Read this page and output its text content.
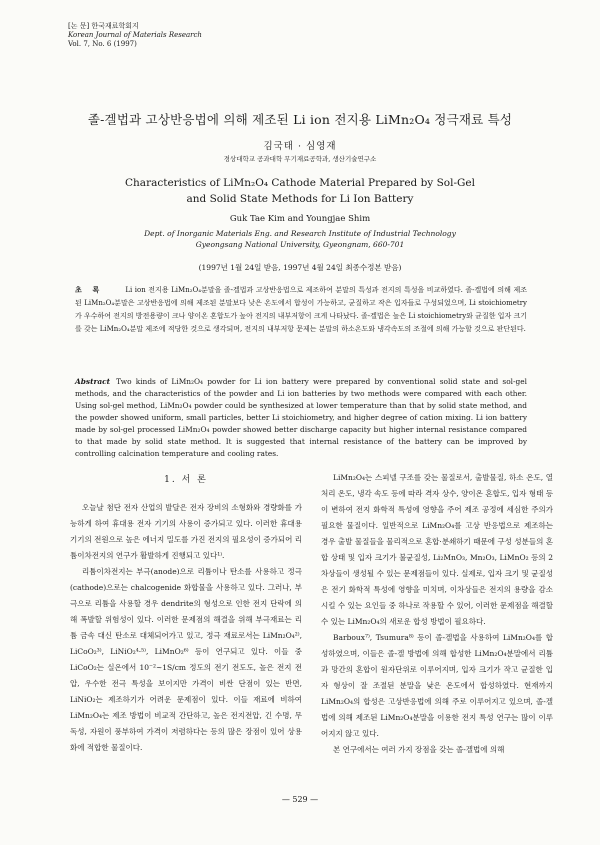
[논 문] 한국재료학회지
Korean Journal of Materials Research
Vol. 7, No. 6 (1997)
졸-겔법과 고상반응법에 의해 제조된 Li ion 전지용 LiMn₂O₄ 정극재료 특성
김국태 · 심영재
경상대학교 공과대학 무기재료공학과, 생산기술연구소
Characteristics of LiMn₂O₄ Cathode Material Prepared by Sol-Gel
and Solid State Methods for Li Ion Battery
Guk Tae Kim and Youngjae Shim
Dept. of Inorganic Materials Eng. and Research Institute of Industrial Technology
Gyeongsang National University, Gyeongnam, 660-701
(1997년 1월 24일 받음, 1997년 4월 24일 최종수정본 받음)
초 록	Li ion 전지용 LiMn₂O₄분말을 졸-겔법과 고상반응법으로 제조하여 분말의 특성과 전지의 특성을 비교하였다. 졸-겔법에 의해 제조된 LiMn₂O₄분말은 고상반응법에 의해 제조된 분말보다 낮은 온도에서 합성이 가능하고, 균질하고 작은 입자들로 구성되었으며, Li stoichiometry가 우수하여 전지의 방전용량이 크나 양이온 혼합도가 높아 전지의 내부저항이 크게 나타났다. 졸-겔법은 높은 Li stoichiometry와 균질한 입자 크기를 갖는 LiMn₂O₄분말 제조에 적당한 것으로 생각되며, 전지의 내부저항 문제는 분말의 하소온도와 냉각속도의 조절에 의해 가능할 것으로 판단된다.
Abstract Two kinds of LiMn₂O₄ powder for Li ion battery were prepared by conventional solid state and sol-gel methods, and the characteristics of the powder and Li ion batteries by two methods were compared with each other. Using sol-gel method, LiMn₂O₄ powder could be synthesized at lower temperature than that by solid state method, and the powder showed uniform, small particles, better Li stoichiometry, and higher degree of cation mixing. Li ion battery made by sol-gel processed LiMn₂O₄ powder showed better discharge capacity but higher internal resistance compared to that made by solid state method. It is suggested that internal resistance of the battery can be improved by controlling calcination temperature and cooling rates.
1. 서 론

오늘날 첨단 전자 산업의 발달은 전자 장비의 소형화와 경량화를 가능하게 하여 휴대용 전자 기기의 사용이 증가되고 있다. 이러한 휴대용 기기의 전원으로 높은 에너지 밀도를 가진 전지의 필요성이 증가되어 리튬이차전지의 연구가 활발하게 진행되고 있다¹⁾.

리튬이차전지는 부극(anode)으로 리튬이나 탄소를 사용하고 정극(cathode)으로는 chalcogenide 화합물을 사용하고 있다. 그러나, 부극으로 리튬을 사용할 경우 dendrite의 형성으로 인한 전지 단락에 의해 폭발할 위험성이 있다. 이러한 문제점의 해결을 위해 부극재료는 리튬 금속 대신 탄소로 대체되어가고 있고, 정극 재료로서는 LiMn₂O₄²⁾, LiCoO₂³⁾, LiNiO₂⁴·⁵⁾, LiMnO₂⁶⁾ 등이 연구되고 있다. 이들 중 LiCoO₂는 실온에서 10⁻²~1S/cm 정도의 전기 전도도, 높은 전지 전압, 우수한 전극 특성을 보이지만 가격이 비싼 단점이 있는 반면, LiNiO₂는 제조하기가 어려운 문제점이 있다. 이들 재료에 비하여 LiMn₂O₄는 제조 방법이 비교적 간단하고, 높은 전지전압, 긴 수명, 무독성, 자원이 풍부하여 가격이 저렴하다는 등의 많은 장점이 있어 상용화에 적합한 물질이다.

LiMn₂O₄는 스피넬 구조를 갖는 물질로서, 출발물질, 하소 온도, 열처리 온도, 냉각 속도 등에 따라 격자 상수, 양이온 혼합도, 입자 형태 등이 변하여 전지 화학적 특성에 영향을 주어 제조 공정에 세심한 주의가 필요한 물질이다. 일반적으로 LiMn₂O₄를 고상 반응법으로 제조하는 경우 출발 물질들을 물리적으로 혼합·분쇄하기 때문에 구성 성분들의 혼합 상태 및 입자 크기가 불균질성, Li₂MnO₃, Mn₂O₃, LiMnO₂ 등의 2차상들이 생성될 수 있는 문제점들이 있다. 실제로, 입자 크기 및 균질성은 전기 화학적 특성에 영향을 미치며, 이차상들은 전지의 용량을 감소시킬 수 있는 요인들 중 하나로 작용할 수 있어, 이러한 문제점을 해결할 수 있는 LiMn₂O₄의 새로운 합성 방법이 필요하다.

Barboux⁷⁾, Tsumura⁸⁾ 등이 졸-겔법을 사용하여 LiMn₂O₄를 합성하였으며, 이들은 졸-겔 방법에 의해 합성한 LiMn₂O₄분말에서 리튬과 망간의 혼합이 원자단위로 이루어지며, 입자 크기가 작고 균질한 입자 형상이 잘 조절된 분말을 낮은 온도에서 합성하였다. 현재까지 LiMn₂O₄의 합성은 고상반응법에 의해 주로 이루어지고 있으며, 졸-겔법에 의해 제조된 LiMn₂O₄분말을 이용한 전지 특성 연구는 많이 이루어지지 않고 있다.

본 연구에서는 여러 가지 장점을 갖는 졸-겔법에 의해

— 529 —
